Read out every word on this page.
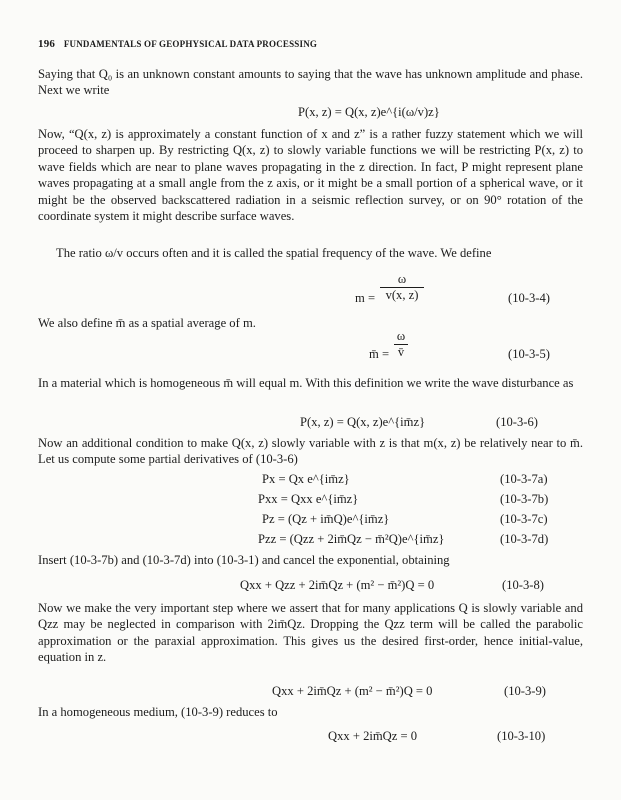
196 FUNDAMENTALS OF GEOPHYSICAL DATA PROCESSING
Saying that Q₀ is an unknown constant amounts to saying that the wave has unknown amplitude and phase. Next we write
P(x, z) = Q(x, z)e^{i(ω/v)z}
Now, “Q(x, z) is approximately a constant function of x and z” is a rather fuzzy statement which we will proceed to sharpen up. By restricting Q(x, z) to slowly variable functions we will be restricting P(x, z) to wave fields which are near to plane waves propagating in the z direction. In fact, P might represent plane waves propagating at a small angle from the z axis, or it might be a small portion of a spherical wave, or it might be the observed backscattered radiation in a seismic reflection survey, or on 90° rotation of the coordinate system it might describe surface waves.
The ratio ω/v occurs often and it is called the spatial frequency of the wave. We define
$m = \frac{\omega}{v(x, z)}$	(10-3-4)
We also define m̄ as a spatial average of m.
m̄ = $\frac{\omega}{v̄}$	(10-3-5)
In a material which is homogeneous m̄ will equal m. With this definition we write the wave disturbance as
P(x, z) = Q(x, z)e^{im̄z}	(10-3-6)
Now an additional condition to make Q(x, z) slowly variable with z is that m(x, z) be relatively near to m̄. Let us compute some partial derivatives of (10-3-6)
Px = Qx e^{im̄z}	(10-3-7a)
Pxx = Qxx e^{im̄z}	(10-3-7b)
Pz = (Qz + im̄Q)e^{im̄z}	(10-3-7c)
Pzz = (Qzz + 2im̄Qz − m̄²Q)e^{im̄z}	(10-3-7d)
Insert (10-3-7b) and (10-3-7d) into (10-3-1) and cancel the exponential, obtaining
Qxx + Qzz + 2im̄Qz + (m² − m̄²)Q = 0	(10-3-8)
Now we make the very important step where we assert that for many applications Q is slowly variable and Qzz may be neglected in comparison with 2im̄Qz. Dropping the Qzz term will be called the parabolic approximation or the paraxial approximation. This gives us the desired first-order, hence initial-value, equation in z.
Qxx + 2im̄Qz + (m² − m̄²)Q = 0	(10-3-9)
In a homogeneous medium, (10-3-9) reduces to
Qxx + 2im̄Qz = 0	(10-3-10)
